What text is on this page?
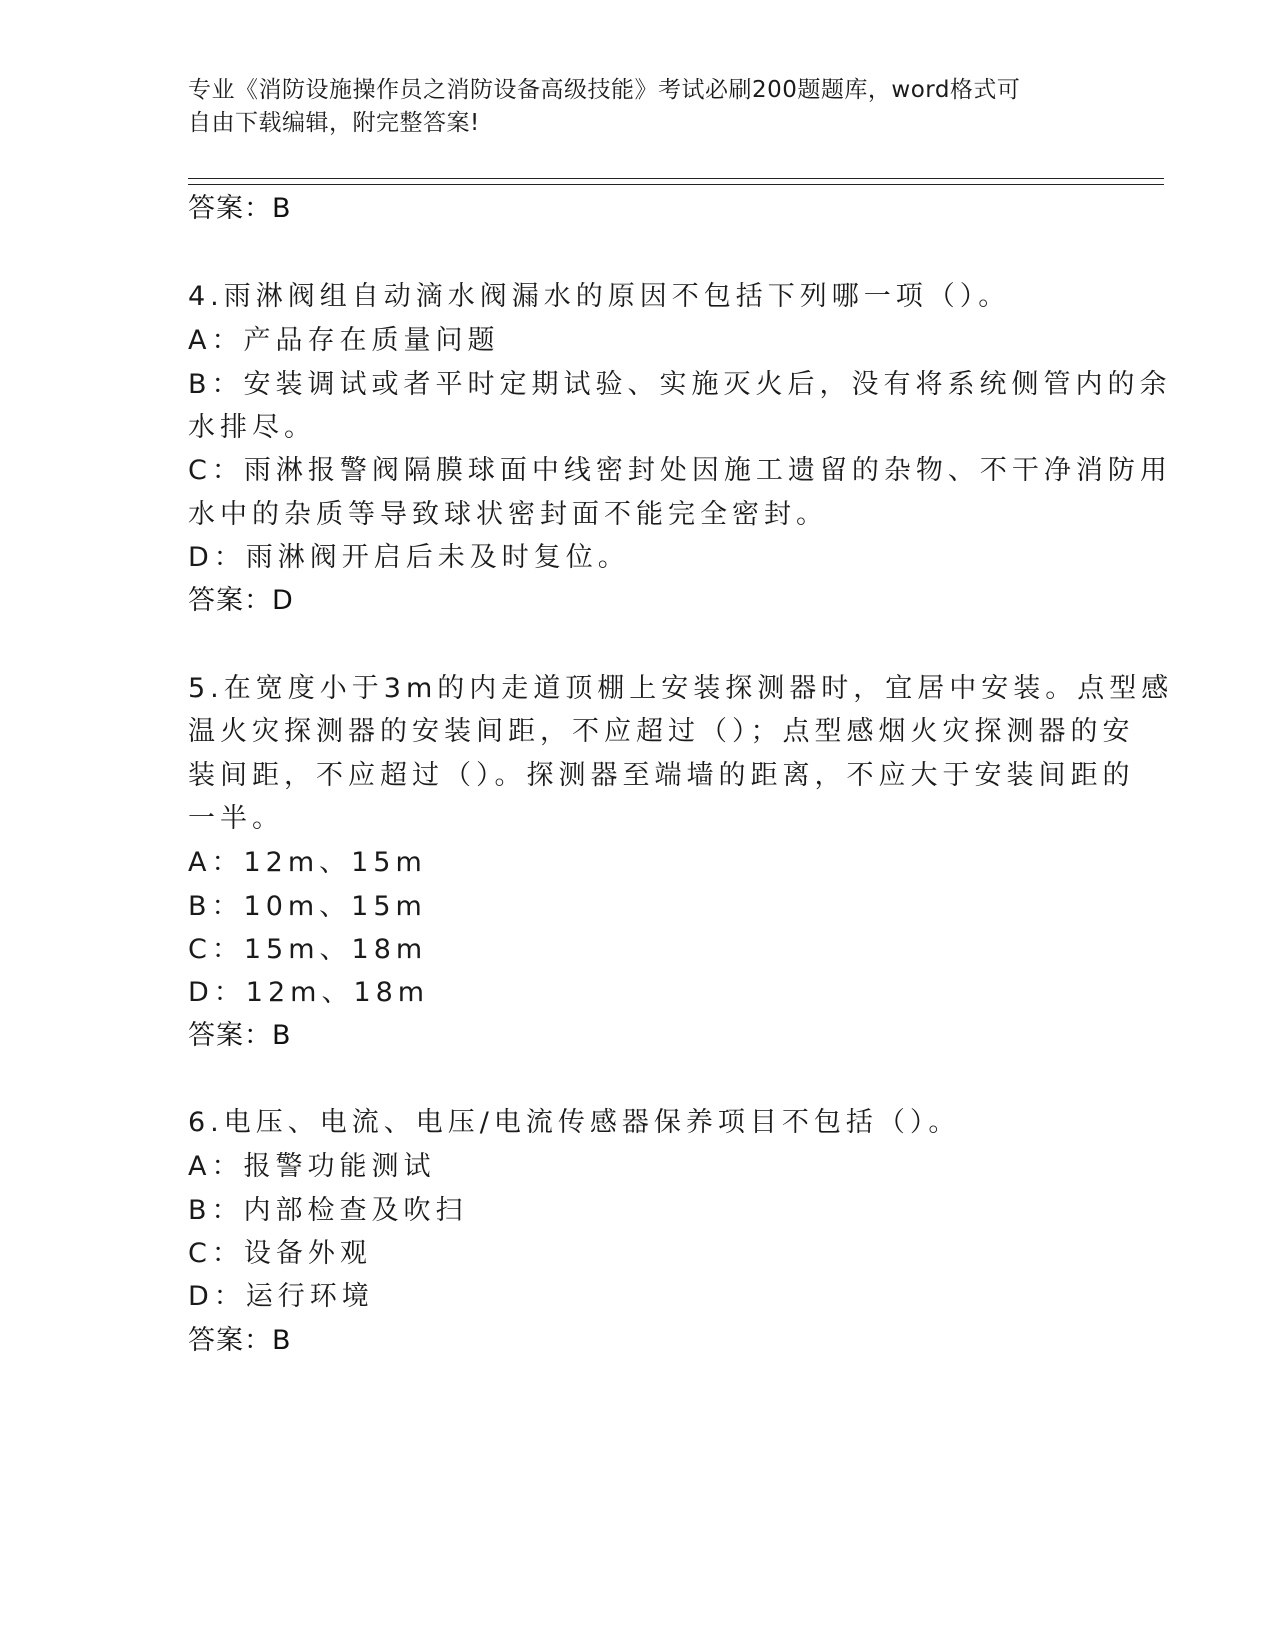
专业《消防设施操作员之消防设备高级技能》考试必刷200题题库，word格式可
自由下载编辑，附完整答案!
答案：B
4.雨淋阀组自动滴水阀漏水的原因不包括下列哪一项（）。
A：产品存在质量问题
B：安装调试或者平时定期试验、实施灭火后，没有将系统侧管内的余
水排尽。
C：雨淋报警阀隔膜球面中线密封处因施工遗留的杂物、不干净消防用
水中的杂质等导致球状密封面不能完全密封。
D：雨淋阀开启后未及时复位。
答案：D
5.在宽度小于3m的内走道顶棚上安装探测器时，宜居中安装。点型感
温火灾探测器的安装间距，不应超过（）；点型感烟火灾探测器的安
装间距，不应超过（）。探测器至端墙的距离，不应大于安装间距的
一半。
A：12m、15m
B：10m、15m
C：15m、18m
D：12m、18m
答案：B
6.电压、电流、电压/电流传感器保养项目不包括（）。
A：报警功能测试
B：内部检查及吹扫
C：设备外观
D：运行环境
答案：B
